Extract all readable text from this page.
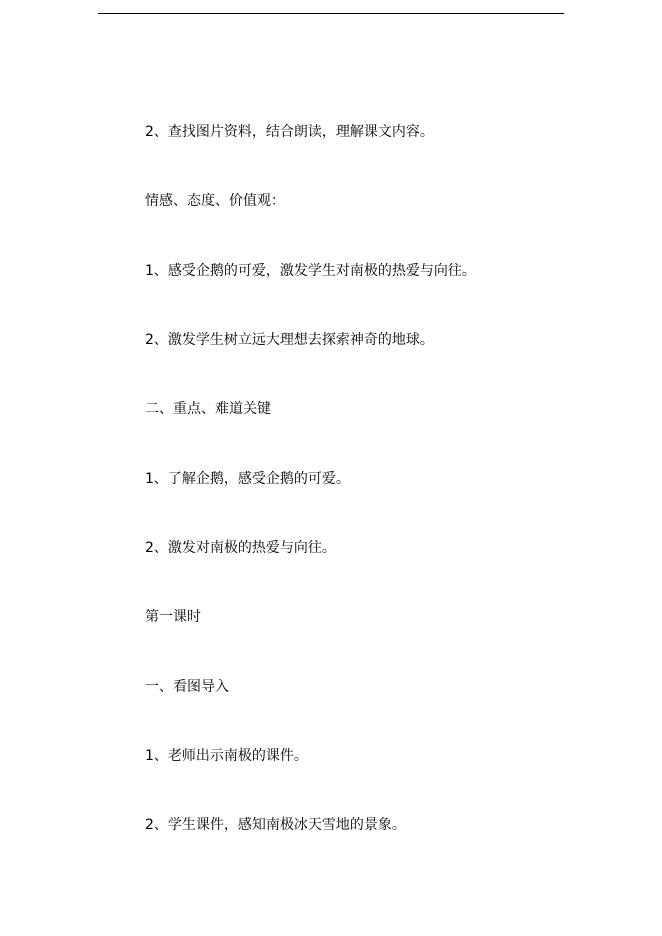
2、查找图片资料，结合朗读，理解课文内容。
情感、态度、价值观：
1、感受企鹅的可爱，激发学生对南极的热爱与向往。
2、激发学生树立远大理想去探索神奇的地球。
二、重点、难道关键
1、了解企鹅，感受企鹅的可爱。
2、激发对南极的热爱与向往。
第一课时
一、看图导入
1、老师出示南极的课件。
2、学生课件，感知南极冰天雪地的景象。
